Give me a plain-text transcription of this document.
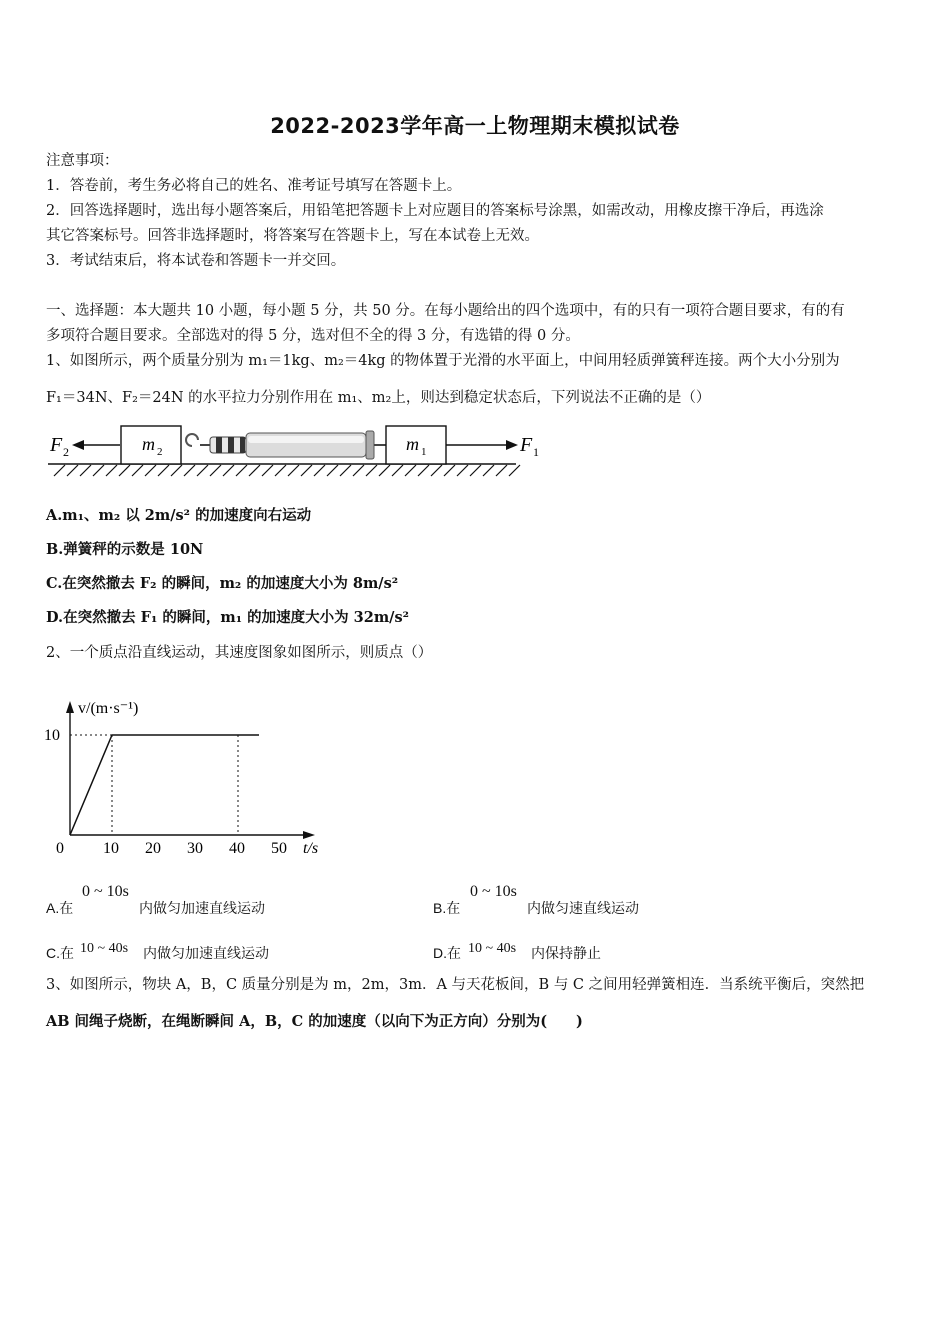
2022-2023学年高一上物理期末模拟试卷
注意事项：
1．答卷前，考生务必将自己的姓名、准考证号填写在答题卡上。
2．回答选择题时，选出每小题答案后，用铅笔把答题卡上对应题目的答案标号涂黑，如需改动，用橡皮擦干净后，再选涂
其它答案标号。回答非选择题时，将答案写在答题卡上，写在本试卷上无效。
3．考试结束后，将本试卷和答题卡一并交回。
一、选择题：本大题共 10 小题，每小题 5 分，共 50 分。在每小题给出的四个选项中，有的只有一项符合题目要求，有的有
多项符合题目要求。全部选对的得 5 分，选对但不全的得 3 分，有选错的得 0 分。
1、如图所示，两个质量分别为 m₁＝1kg、m₂＝4kg 的物体置于光滑的水平面上，中间用轻质弹簧秤连接。两个大小分别为
F₁＝34N、F₂＝24N 的水平拉力分别作用在 m₁、m₂上，则达到稳定状态后，下列说法不正确的是（）
F 2	m 2	m 1	F 1
A.m₁、m₂ 以 2m/s² 的加速度向右运动
B.弹簧秤的示数是 10N
C.在突然撤去 F₂ 的瞬间，m₂ 的加速度大小为 8m/s²
D.在突然撤去 F₁ 的瞬间，m₁ 的加速度大小为 32m/s²
2、一个质点沿直线运动，其速度图象如图所示，则质点（）
v/(m·s⁻¹)
t/s
0 10 20 30 40 50
10
A.在
0 ~ 10s
内做匀加速直线运动	B.在
0 ~ 10s
内做匀速直线运动
C.在 10 ~ 40s 内做匀加速直线运动	D.在 10 ~ 40s 内保持静止
3、如图所示，物块 A，B，C 质量分别是为 m，2m，3m．A 与天花板间，B 与 C 之间用轻弹簧相连．当系统平衡后，突然把
AB 间绳子烧断，在绳断瞬间 A，B，C 的加速度（以向下为正方向）分别为(　　)
